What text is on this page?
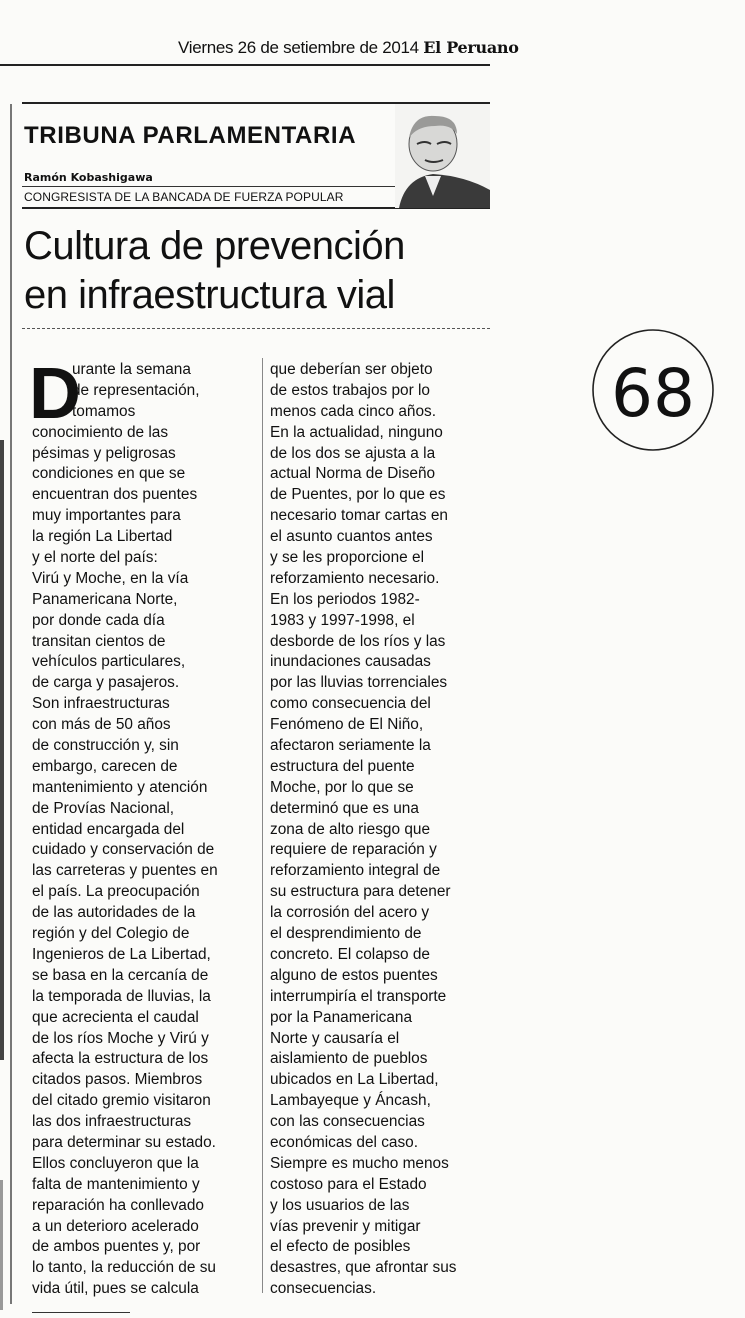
Viernes 26 de setiembre de 2014 El Peruano
TRIBUNA PARLAMENTARIA
Ramón Kobashigawa
CONGRESISTA DE LA BANCADA DE FUERZA POPULAR
Cultura de prevención
en infraestructura vial
D
urante la semana
de representación,
tomamos
conocimiento de las
pésimas y peligrosas
condiciones en que se
encuentran dos puentes
muy importantes para
la región La Libertad
y el norte del país:
Virú y Moche, en la vía
Panamericana Norte,
por donde cada día
transitan cientos de
vehículos particulares,
de carga y pasajeros.
Son infraestructuras
con más de 50 años
de construcción y, sin
embargo, carecen de
mantenimiento y atención
de Provías Nacional,
entidad encargada del
cuidado y conservación de
las carreteras y puentes en
el país. La preocupación
de las autoridades de la
región y del Colegio de
Ingenieros de La Libertad,
se basa en la cercanía de
la temporada de lluvias, la
que acrecienta el caudal
de los ríos Moche y Virú y
afecta la estructura de los
citados pasos. Miembros
del citado gremio visitaron
las dos infraestructuras
para determinar su estado.
Ellos concluyeron que la
falta de mantenimiento y
reparación ha conllevado
a un deterioro acelerado
de ambos puentes y, por
lo tanto, la reducción de su
vida útil, pues se calcula
que deberían ser objeto
de estos trabajos por lo
menos cada cinco años.
En la actualidad, ninguno
de los dos se ajusta a la
actual Norma de Diseño
de Puentes, por lo que es
necesario tomar cartas en
el asunto cuantos antes
y se les proporcione el
reforzamiento necesario.
En los periodos 1982-
1983 y 1997-1998, el
desborde de los ríos y las
inundaciones causadas
por las lluvias torrenciales
como consecuencia del
Fenómeno de El Niño,
afectaron seriamente la
estructura del puente
Moche, por lo que se
determinó que es una
zona de alto riesgo que
requiere de reparación y
reforzamiento integral de
su estructura para detener
la corrosión del acero y
el desprendimiento de
concreto. El colapso de
alguno de estos puentes
interrumpiría el transporte
por la Panamericana
Norte y causaría el
aislamiento de pueblos
ubicados en La Libertad,
Lambayeque y Áncash,
con las consecuencias
económicas del caso.
Siempre es mucho menos
costoso para el Estado
y los usuarios de las
vías prevenir y mitigar
el efecto de posibles
desastres, que afrontar sus
consecuencias.
68
